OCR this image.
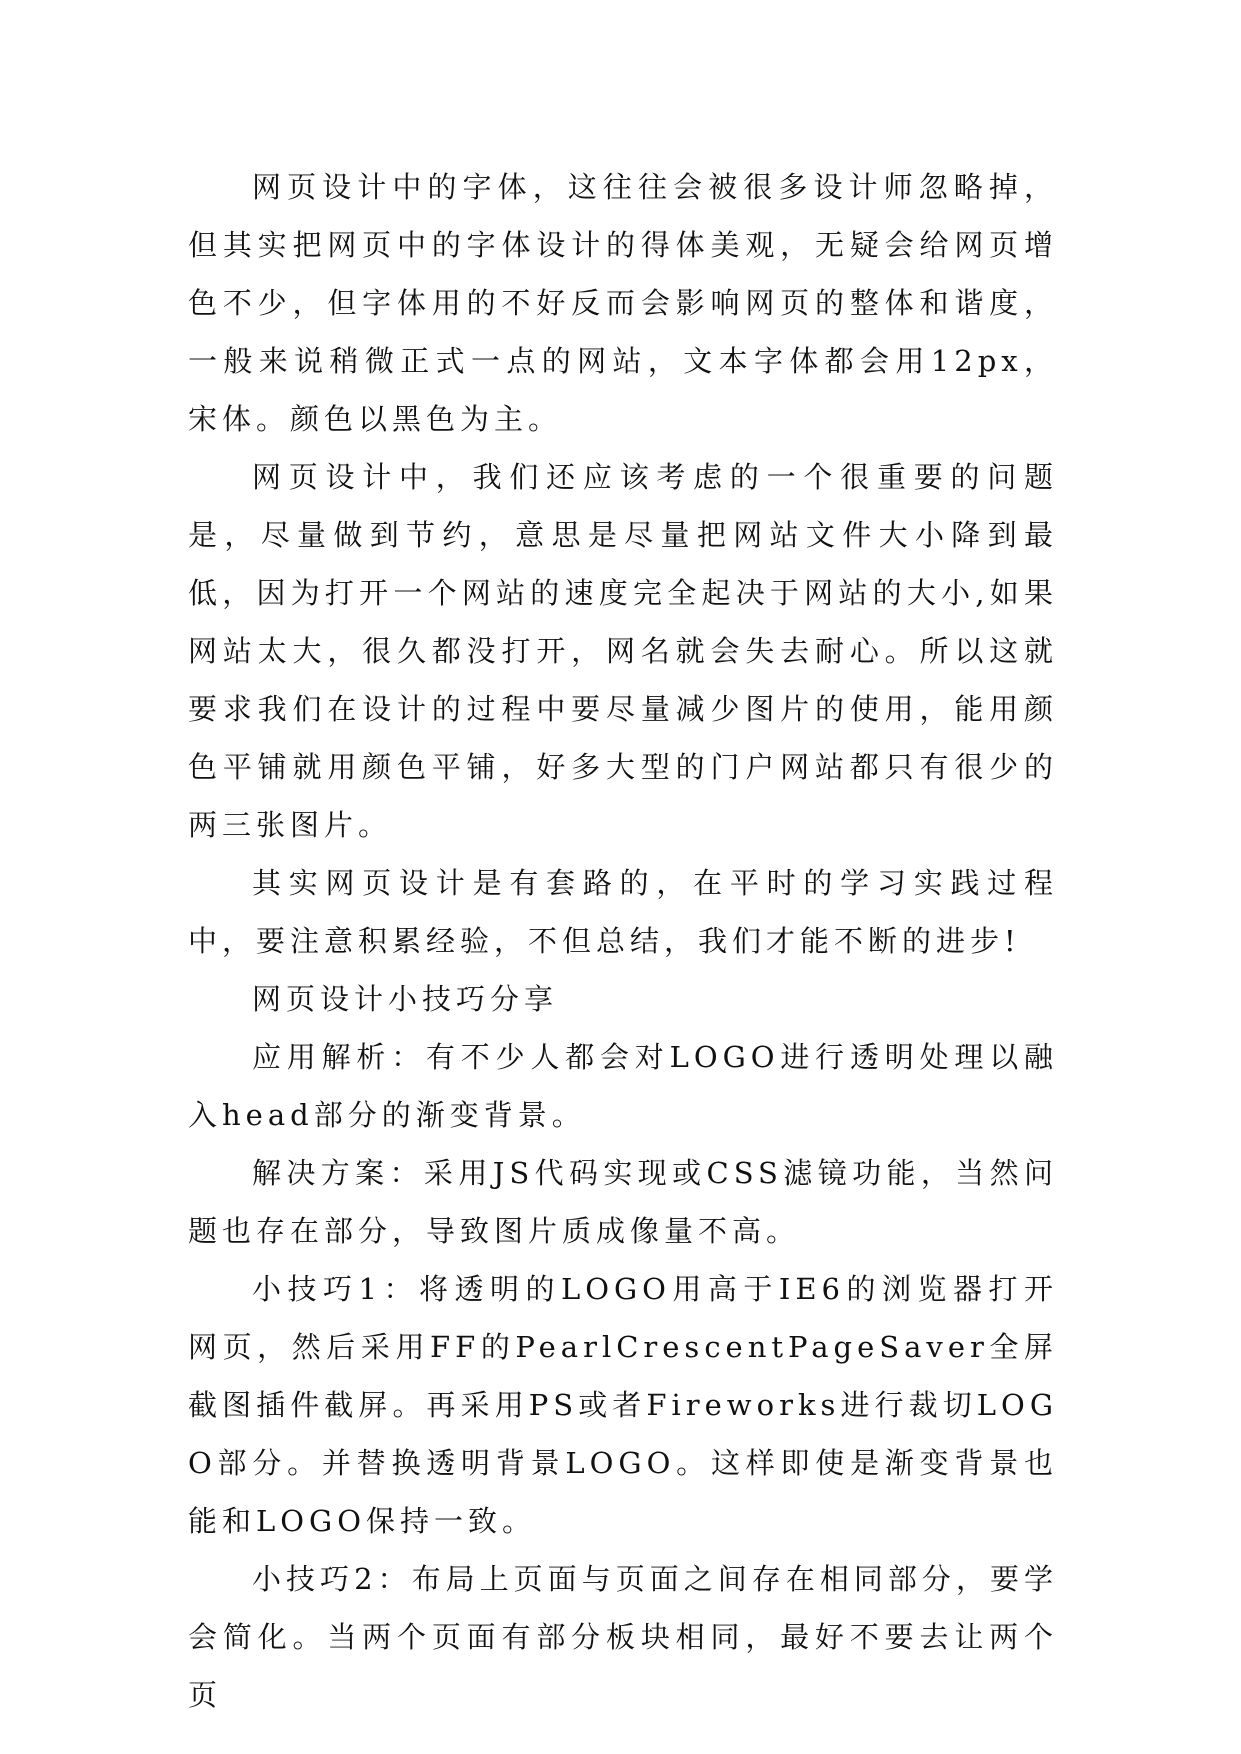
网页设计中的字体，这往往会被很多设计师忽略掉，但其实把网页中的字体设计的得体美观，无疑会给网页增色不少，但字体用的不好反而会影响网页的整体和谐度，一般来说稍微正式一点的网站，文本字体都会用12px，宋体。颜色以黑色为主。

网页设计中，我们还应该考虑的一个很重要的问题是，尽量做到节约，意思是尽量把网站文件大小降到最低，因为打开一个网站的速度完全起决于网站的大小,如果网站太大，很久都没打开，网名就会失去耐心。所以这就要求我们在设计的过程中要尽量减少图片的使用，能用颜色平铺就用颜色平铺，好多大型的门户网站都只有很少的两三张图片。

其实网页设计是有套路的，在平时的学习实践过程中，要注意积累经验，不但总结，我们才能不断的进步!

网页设计小技巧分享

应用解析：有不少人都会对LOGO进行透明处理以融入head部分的渐变背景。

解决方案：采用JS代码实现或CSS滤镜功能，当然问题也存在部分，导致图片质成像量不高。

小技巧1：将透明的LOGO用高于IE6的浏览器打开网页，然后采用FF的PearlCrescentPageSaver全屏截图插件截屏。再采用PS或者Fireworks进行裁切LOGO部分。并替换透明背景LOGO。这样即使是渐变背景也能和LOGO保持一致。

小技巧2：布局上页面与页面之间存在相同部分，要学会简化。当两个页面有部分板块相同，最好不要去让两个页
